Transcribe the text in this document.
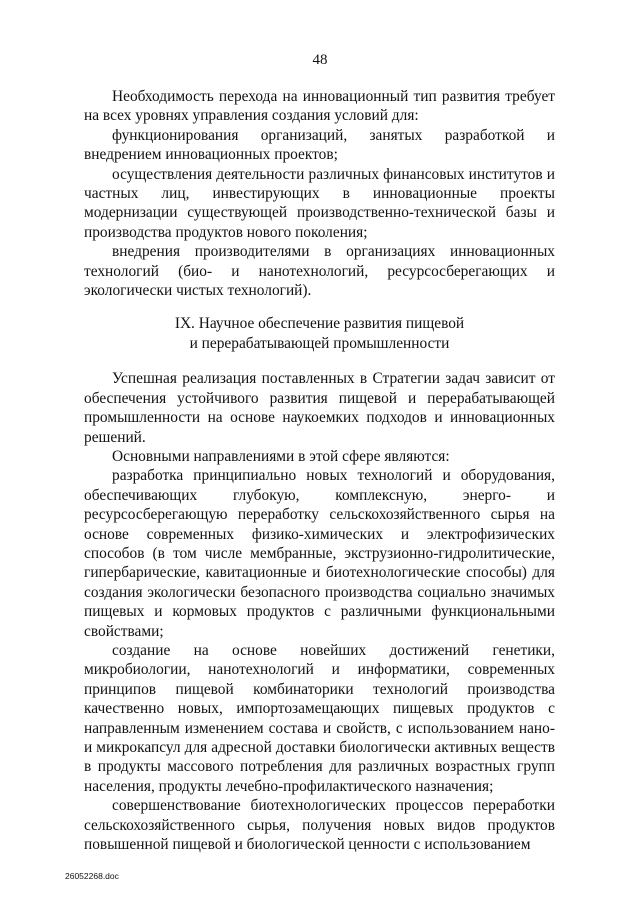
48

Необходимость перехода на инновационный тип развития требует на всех уровнях управления создания условий для:

функционирования организаций, занятых разработкой и внедрением инновационных проектов;

осуществления деятельности различных финансовых институтов и частных лиц, инвестирующих в инновационные проекты модернизации существующей производственно-технической базы и производства продуктов нового поколения;

внедрения производителями в организациях инновационных технологий (био- и нанотехнологий, ресурсосберегающих и экологически чистых технологий).

IX. Научное обеспечение развития пищевой
и перерабатывающей промышленности

Успешная реализация поставленных в Стратегии задач зависит от обеспечения устойчивого развития пищевой и перерабатывающей промышленности на основе наукоемких подходов и инновационных решений.

Основными направлениями в этой сфере являются:

разработка принципиально новых технологий и оборудования, обеспечивающих глубокую, комплексную, энерго- и ресурсосберегающую переработку сельскохозяйственного сырья на основе современных физико-химических и электрофизических способов (в том числе мембранные, экструзионно-гидролитические, гипербарические, кавитационные и биотехнологические способы) для создания экологически безопасного производства социально значимых пищевых и кормовых продуктов с различными функциональными свойствами;

создание на основе новейших достижений генетики, микробиологии, нанотехнологий и информатики, современных принципов пищевой комбинаторики технологий производства качественно новых, импортозамещающих пищевых продуктов с направленным изменением состава и свойств, с использованием нано- и микрокапсул для адресной доставки биологически активных веществ в продукты массового потребления для различных возрастных групп населения, продукты лечебно-профилактического назначения;

совершенствование биотехнологических процессов переработки сельскохозяйственного сырья, получения новых видов продуктов повышенной пищевой и биологической ценности с использованием

26052268.doc
